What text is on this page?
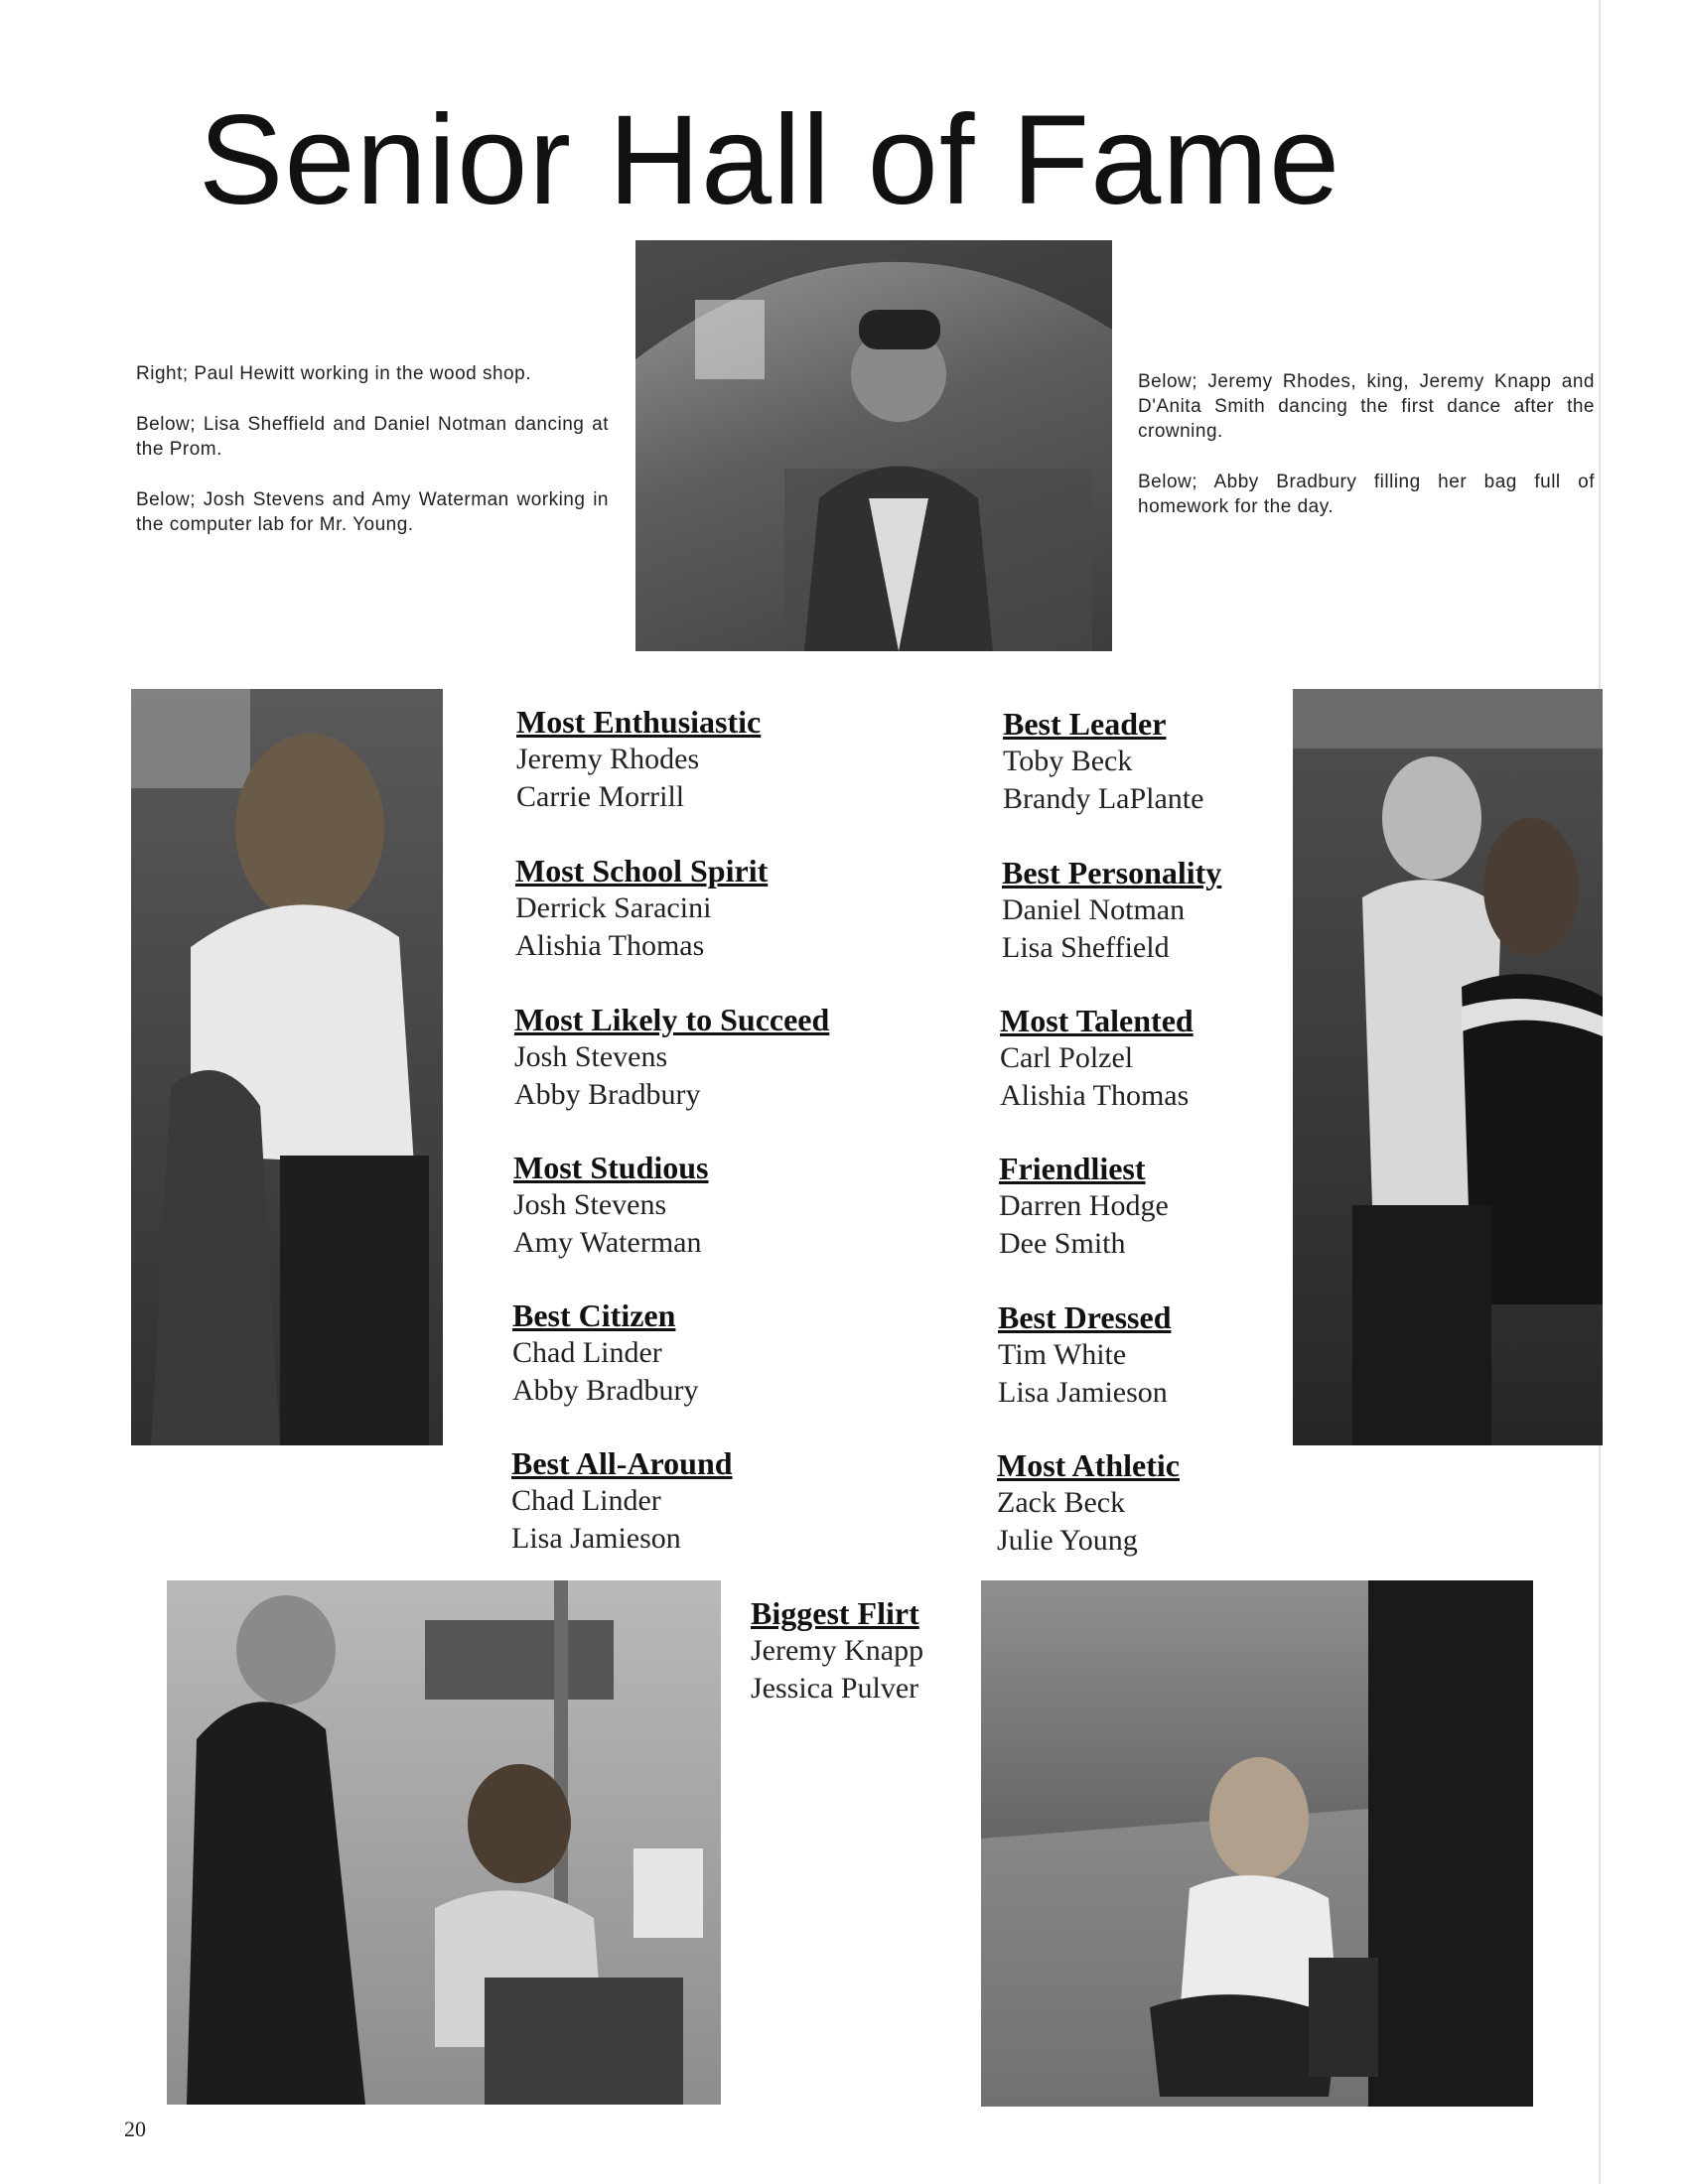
Senior Hall of Fame

Right; Paul Hewitt working in the wood shop.

Below; Lisa Sheffield and Daniel Notman dancing at the Prom.

Below; Josh Stevens and Amy Waterman working in the computer lab for Mr. Young.

Below; Jeremy Rhodes, king, Jeremy Knapp and D'Anita Smith dancing the first dance after the crowning.

Below; Abby Bradbury filling her bag full of homework for the day.

Most Enthusiastic
Jeremy Rhodes
Carrie Morrill
Most School Spirit
Derrick Saracini
Alishia Thomas
Most Likely to Succeed
Josh Stevens
Abby Bradbury
Most Studious
Josh Stevens
Amy Waterman
Best Citizen
Chad Linder
Abby Bradbury
Best All-Around
Chad Linder
Lisa Jamieson
Best Leader
Toby Beck
Brandy LaPlante
Best Personality
Daniel Notman
Lisa Sheffield
Most Talented
Carl Polzel
Alishia Thomas
Friendliest
Darren Hodge
Dee Smith
Best Dressed
Tim White
Lisa Jamieson
Most Athletic
Zack Beck
Julie Young
Biggest Flirt
Jeremy Knapp
Jessica Pulver
20
